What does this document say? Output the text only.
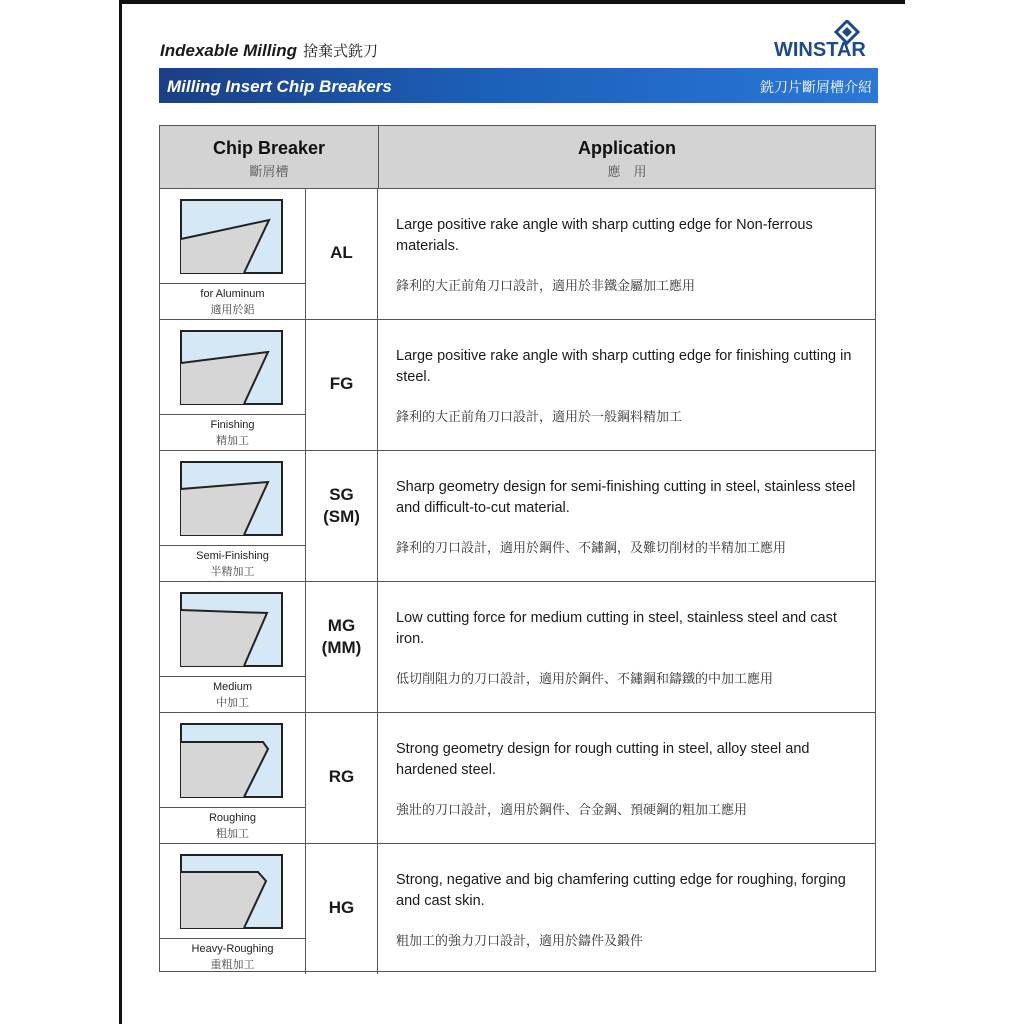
Indexable Milling 捨棄式銑刀	WINSTAR
Milling Insert Chip Breakers	銑刀片斷屑槽介紹
Chip Breaker
斷屑槽
Application
應　用
for Aluminum
適用於鋁
AL
Large positive rake angle with sharp cutting edge for Non-ferrous materials.
鋒利的大正前角刀口設計，適用於非鐵金屬加工應用
Finishing
精加工
FG
Large positive rake angle with sharp cutting edge for finishing cutting in steel.
鋒利的大正前角刀口設計，適用於一般鋼料精加工
Semi-Finishing
半精加工
SG
(SM)
Sharp geometry design for semi-finishing cutting in steel, stainless steel and difficult-to-cut material.
鋒利的刀口設計，適用於鋼件、不鏽鋼，及難切削材的半精加工應用
Medium
中加工
MG
(MM)
Low cutting force for medium cutting in steel, stainless steel and cast iron.
低切削阻力的刀口設計，適用於鋼件、不鏽鋼和鑄鐵的中加工應用
Roughing
粗加工
RG
Strong geometry design for rough cutting in steel, alloy steel and hardened steel.
強壯的刀口設計，適用於鋼件、合金鋼、預硬鋼的粗加工應用
Heavy-Roughing
重粗加工
HG
Strong, negative and big chamfering cutting edge for roughing, forging and cast skin.
粗加工的強力刀口設計，適用於鑄件及鍛件
